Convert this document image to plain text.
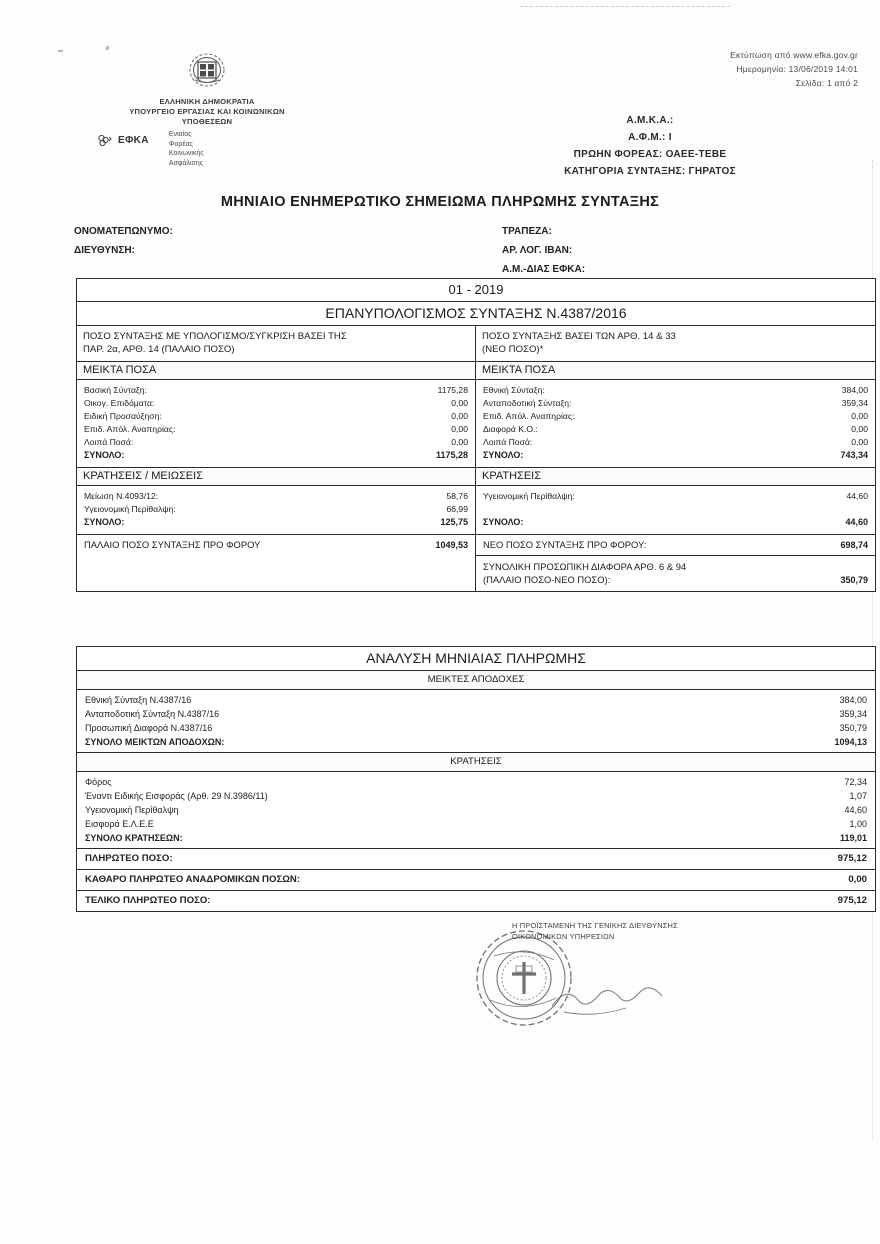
Εκτύπωση από www.efka.gov.gr
Ημερομηνία: 13/06/2019 14:01
Σελίδα: 1 από 2
ΕΛΛΗΝΙΚΗ ΔΗΜΟΚΡΑΤΙΑ
ΥΠΟΥΡΓΕΙΟ ΕΡΓΑΣΙΑΣ ΚΑΙ ΚΟΙΝΩΝΙΚΩΝ
ΥΠΟΘΕΣΕΩΝ
ΕΦΚΑ
Ενιαίος
Φορέας
Κοινωνικής
Ασφάλισης
Α.Μ.Κ.Α.:
Α.Φ.Μ.: Ι
ΠΡΩΗΝ ΦΟΡΕΑΣ: ΟΑΕΕ-ΤΕΒΕ
ΚΑΤΗΓΟΡΙΑ ΣΥΝΤΑΞΗΣ: ΓΗΡΑΤΟΣ
ΜΗΝΙΑΙΟ ΕΝΗΜΕΡΩΤΙΚΟ ΣΗΜΕΙΩΜΑ ΠΛΗΡΩΜΗΣ ΣΥΝΤΑΞΗΣ
ΟΝΟΜΑΤΕΠΩΝΥΜΟ:
ΔΙΕΥΘΥΝΣΗ:
ΤΡΑΠΕΖΑ:
ΑΡ. ΛΟΓ. ΙΒΑΝ:
Α.Μ.-ΔΙΑΣ ΕΦΚΑ:
01 - 2019
ΕΠΑΝΥΠΟΛΟΓΙΣΜΟΣ ΣΥΝΤΑΞΗΣ Ν.4387/2016
ΠΟΣΟ ΣΥΝΤΑΞΗΣ ΜΕ ΥΠΟΛΟΓΙΣΜΟ/ΣΥΓΚΡΙΣΗ ΒΑΣΕΙ ΤΗΣ
ΠΑΡ. 2α, ΑΡΘ. 14 (ΠΑΛΑΙΟ ΠΟΣΟ)
ΜΕΙΚΤΑ ΠΟΣΑ
Βασική Σύνταξη:	1175,28
Οικογ. Επιδόματα:	0,00
Ειδική Προσαύξηση:	0,00
Επιδ. Απόλ. Αναπηρίας:	0,00
Λοιπά Ποσά:	0,00
ΣΥΝΟΛΟ:	1175,28
ΚΡΑΤΗΣΕΙΣ / ΜΕΙΩΣΕΙΣ
Μείωση Ν.4093/12:	58,76
Υγειονομική Περίθαλψη:	66,99
ΣΥΝΟΛΟ:	125,75
ΠΑΛΑΙΟ ΠΟΣΟ ΣΥΝΤΑΞΗΣ ΠΡΟ ΦΟΡΟΥ	1049,53
ΠΟΣΟ ΣΥΝΤΑΞΗΣ ΒΑΣΕΙ ΤΩΝ ΑΡΘ. 14 & 33
(ΝΕΟ ΠΟΣΟ)*
ΜΕΙΚΤΑ ΠΟΣΑ
Εθνική Σύνταξη:	384,00
Ανταποδοτική Σύνταξη:	359,34
Επιδ. Απόλ. Αναπηρίας:	0,00
Διαφορά Κ.Ο.:	0,00
Λοιπά Ποσά:	0,00
ΣΥΝΟΛΟ:	743,34
ΚΡΑΤΗΣΕΙΣ
Υγειονομική Περίθαλψη:	44,60
ΣΥΝΟΛΟ:	44,60
ΝΕΟ ΠΟΣΟ ΣΥΝΤΑΞΗΣ ΠΡΟ ΦΟΡΟΥ:	698,74
ΣΥΝΟΛΙΚΗ ΠΡΟΣΩΠΙΚΗ ΔΙΑΦΟΡΑ ΑΡΘ. 6 & 94
(ΠΑΛΑΙΟ ΠΟΣΟ-ΝΕΟ ΠΟΣΟ):	350,79
ΑΝΑΛΥΣΗ ΜΗΝΙΑΙΑΣ ΠΛΗΡΩΜΗΣ
ΜΕΙΚΤΕΣ ΑΠΟΔΟΧΕΣ
Εθνική Σύνταξη Ν.4387/16	384,00
Ανταποδοτική Σύνταξη Ν.4387/16	359,34
Προσωπική Διαφορά Ν.4387/16	350,79
ΣΥΝΟΛΟ ΜΕΙΚΤΩΝ ΑΠΟΔΟΧΩΝ:	1094,13
ΚΡΑΤΗΣΕΙΣ
Φόρος	72,34
Έναντι Ειδικής Εισφοράς (Αρθ. 29 Ν.3986/11)	1,07
Υγειονομική Περίθαλψη	44,60
Εισφορά Ε.Λ.Ε.Ε	1,00
ΣΥΝΟΛΟ ΚΡΑΤΗΣΕΩΝ:	119,01
ΠΛΗΡΩΤΕΟ ΠΟΣΟ:	975,12
ΚΑΘΑΡΟ ΠΛΗΡΩΤΕΟ ΑΝΑΔΡΟΜΙΚΩΝ ΠΟΣΩΝ:	0,00
ΤΕΛΙΚΟ ΠΛΗΡΩΤΕΟ ΠΟΣΟ:	975,12
Η ΠΡΟΪΣΤΑΜΕΝΗ ΤΗΣ ΓΕΝΙΚΗΣ ΔΙΕΥΘΥΝΣΗΣ
ΟΙΚΟΝΟΜΙΚΩΝ ΥΠΗΡΕΣΙΩΝ
